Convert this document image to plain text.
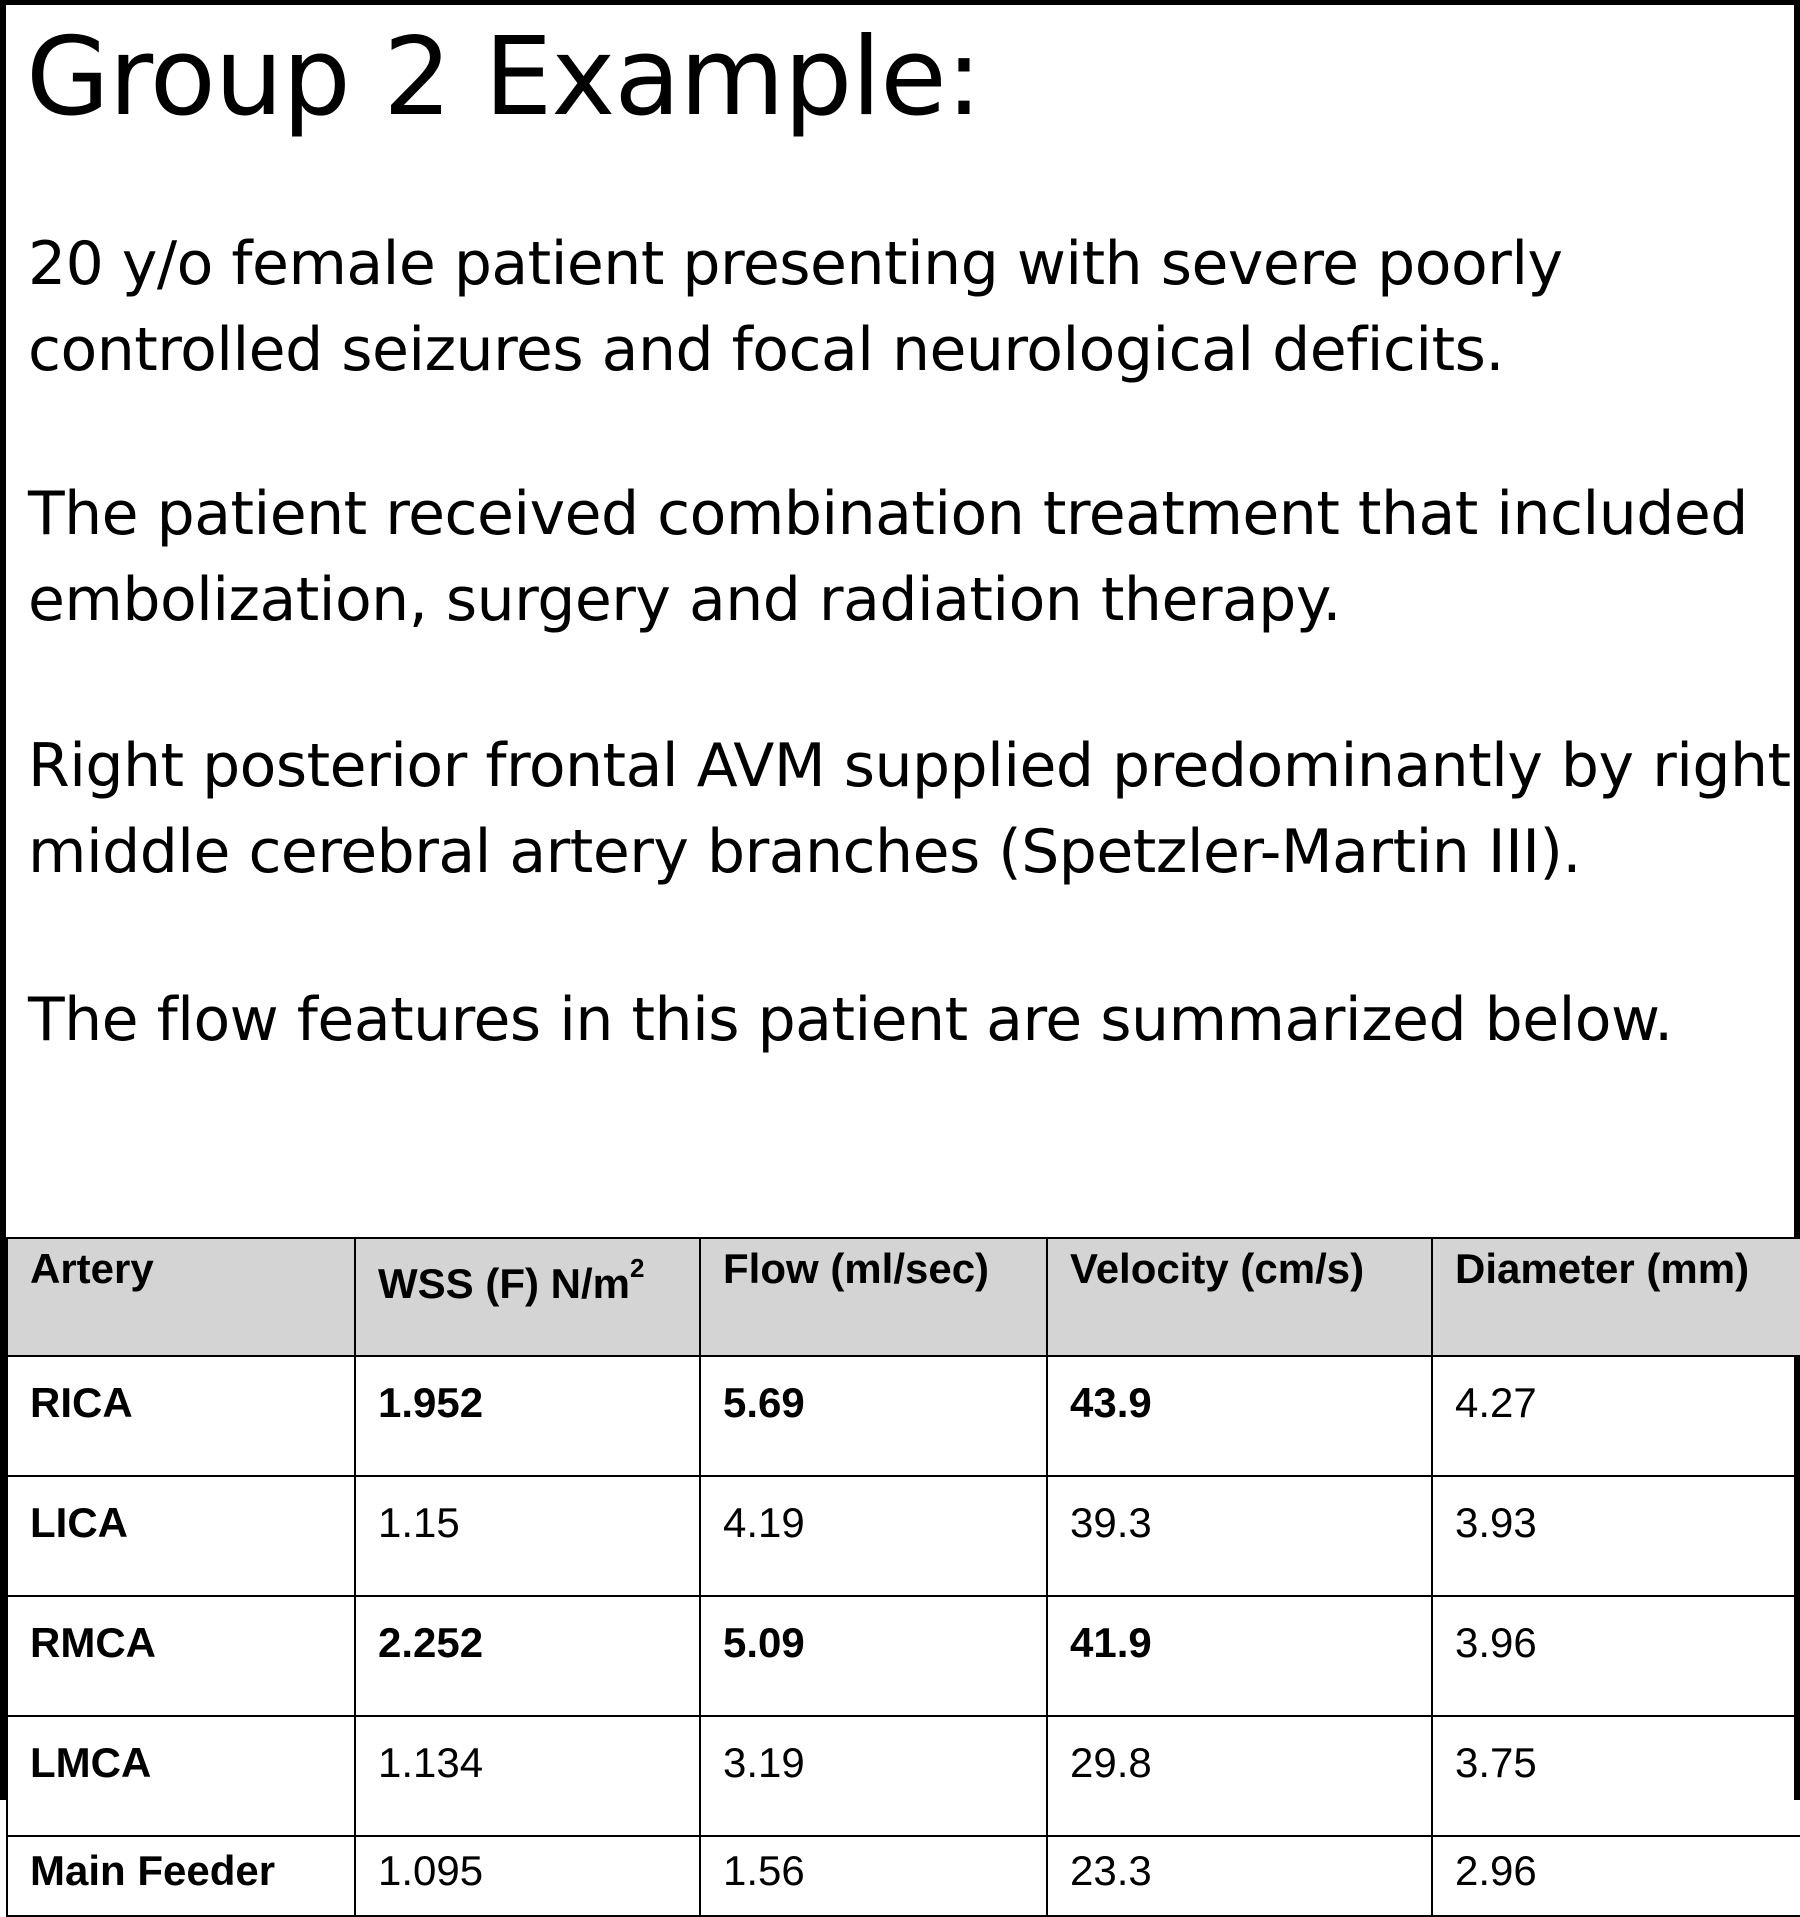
Group 2 Example:

20 y/o female patient presenting with severe poorly
controlled seizures and focal neurological deficits.

The patient received combination treatment that included
embolization, surgery and radiation therapy.

Right posterior frontal AVM supplied predominantly by right
middle cerebral artery branches (Spetzler-Martin III).

The flow features in this patient are summarized below.

Artery	WSS (F) $N/m^2$	Flow (ml/sec)	Velocity (cm/s)	Diameter (mm)
RICA	1.952	5.69	43.9	4.27
LICA	1.15	4.19	39.3	3.93
RMCA	2.252	5.09	41.9	3.96
LMCA	1.134	3.19	29.8	3.75
Main Feeder	1.095	1.56	23.3	2.96
